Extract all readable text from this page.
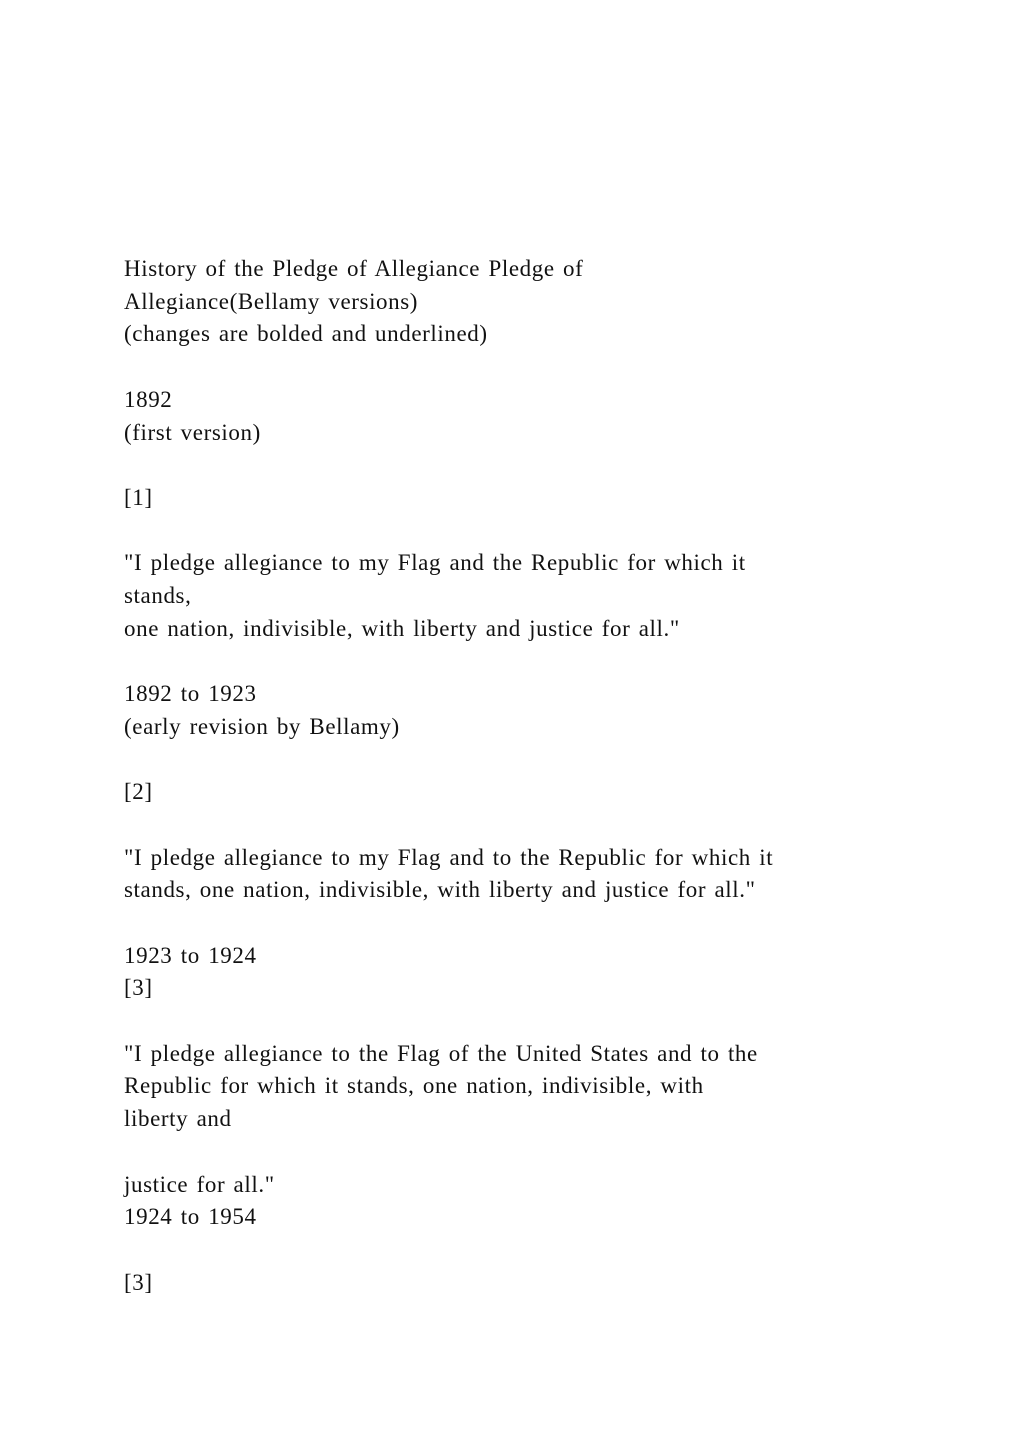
History of the Pledge of Allegiance Pledge of
Allegiance(Bellamy versions)
(changes are bolded and underlined)
1892
(first version)
[1]
"I pledge allegiance to my Flag and the Republic for which it
stands,
one nation, indivisible, with liberty and justice for all."
1892 to 1923
(early revision by Bellamy)
[2]
"I pledge allegiance to my Flag and to the Republic for which it
stands, one nation, indivisible, with liberty and justice for all."
1923 to 1924
[3]
"I pledge allegiance to the Flag of the United States and to the
Republic for which it stands, one nation, indivisible, with
liberty and
justice for all."
1924 to 1954
[3]
